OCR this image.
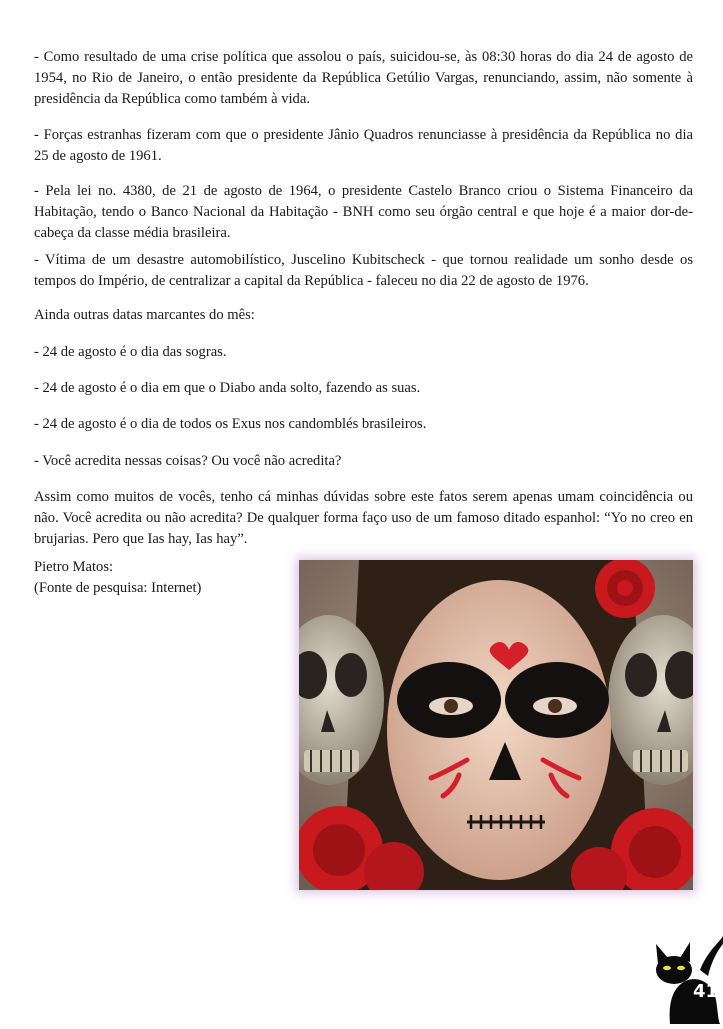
- Como resultado de uma crise política que assolou o país, suicidou-se, às 08:30 horas do dia 24 de agosto de 1954, no Rio de Janeiro, o então presidente da República Getúlio Vargas, renunciando, assim, não somente à presidência da República como também à vida.

- Forças estranhas fizeram com que o presidente Jânio Quadros renunciasse à presidência da República no dia 25 de agosto de 1961.

- Pela lei no. 4380, de 21 de agosto de 1964, o presidente Castelo Branco criou o Sistema Financeiro da Habitação, tendo o Banco Nacional da Habitação - BNH como seu órgão central e que hoje é a maior dor-de-cabeça da classe média brasileira.

- Vítima de um desastre automobilístico, Juscelino Kubitscheck - que tornou realidade um sonho desde os tempos do Império, de centralizar a capital da República - faleceu no dia 22 de agosto de 1976.

Ainda outras datas marcantes do mês:

- 24 de agosto é o dia das sogras.

- 24 de agosto é o dia em que o Diabo anda solto, fazendo as suas.

- 24 de agosto é o dia de todos os Exus nos candomblés brasileiros.

- Você acredita nessas coisas? Ou você não acredita?

Assim como muitos de vocês, tenho cá minhas dúvidas sobre este fatos serem apenas umam coincidência ou não. Você acredita ou não acredita? De qualquer forma faço uso de um famoso ditado espanhol: “Yo no creo en brujarias. Pero que Ias hay, Ias hay”.

Pietro Matos:
(Fonte de pesquisa: Internet)
41
